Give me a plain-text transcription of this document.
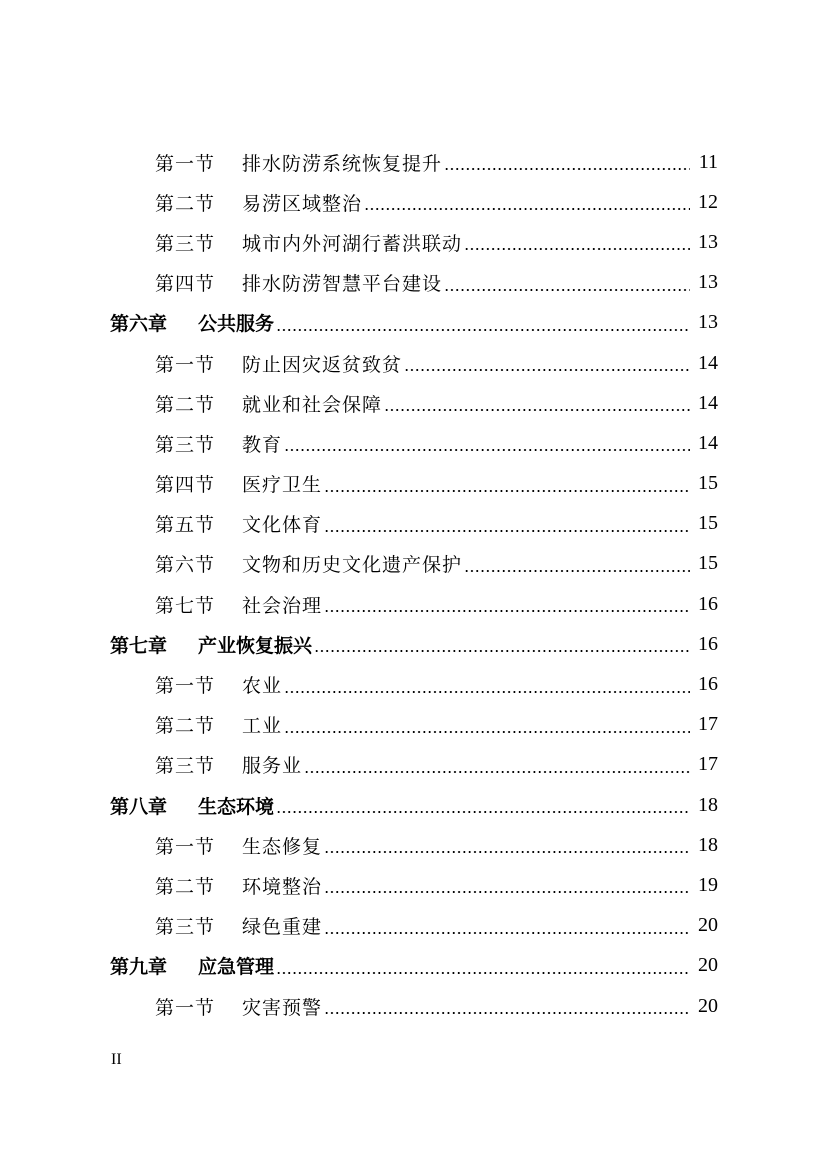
第一节	排水防涝系统恢复提升	11
第二节	易涝区域整治	12
第三节	城市内外河湖行蓄洪联动	13
第四节	排水防涝智慧平台建设	13
第六章	公共服务	13
第一节	防止因灾返贫致贫	14
第二节	就业和社会保障	14
第三节	教育	14
第四节	医疗卫生	15
第五节	文化体育	15
第六节	文物和历史文化遗产保护	15
第七节	社会治理	16
第七章	产业恢复振兴	16
第一节	农业	16
第二节	工业	17
第三节	服务业	17
第八章	生态环境	18
第一节	生态修复	18
第二节	环境整治	19
第三节	绿色重建	20
第九章	应急管理	20
第一节	灾害预警	20
II
